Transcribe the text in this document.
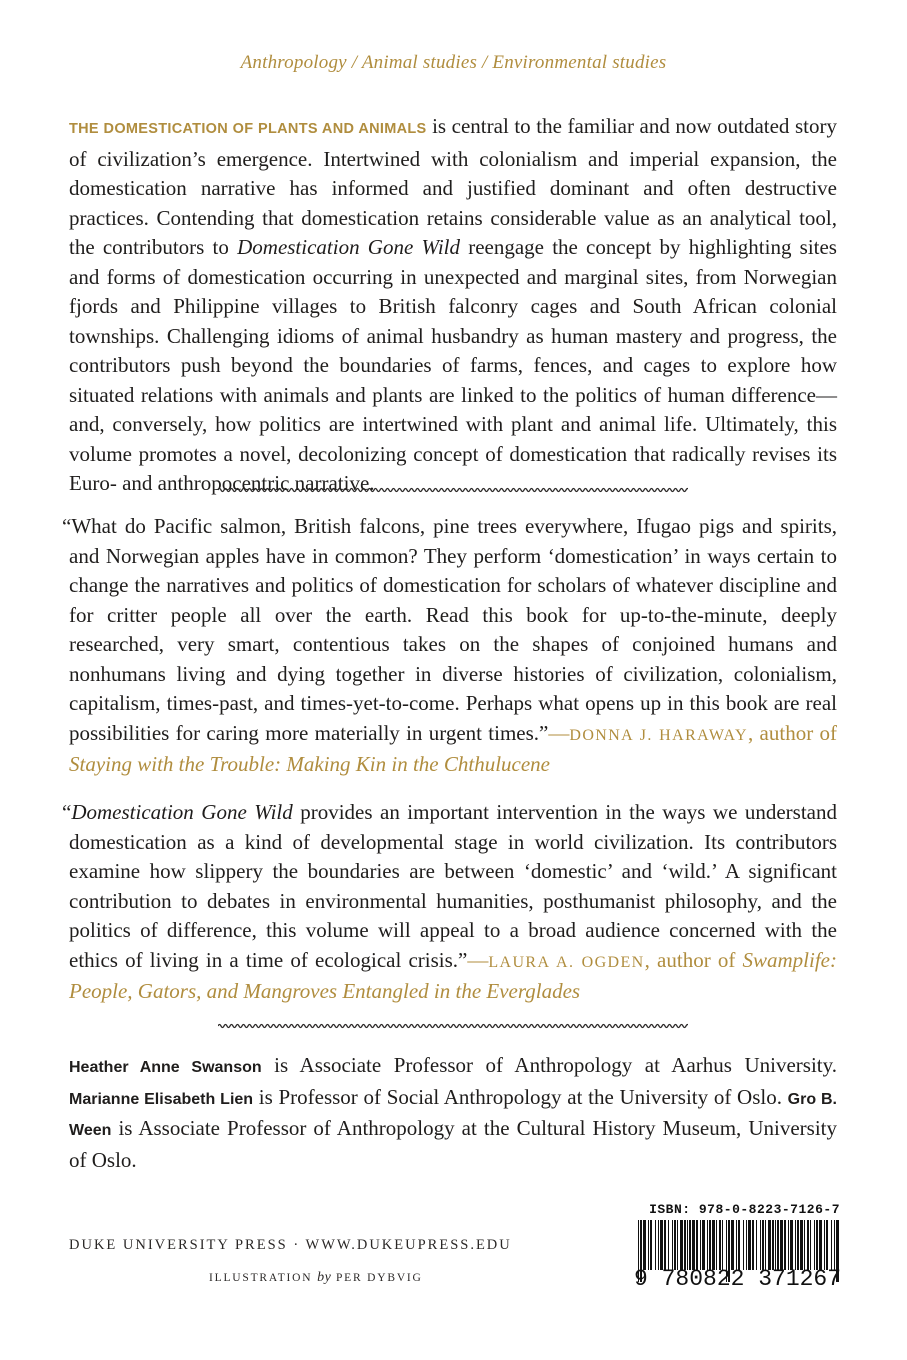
Anthropology / Animal studies / Environmental studies

THE DOMESTICATION OF PLANTS AND ANIMALS is central to the familiar and now outdated story of civilization’s emergence. Intertwined with colonialism and imperial expansion, the domestication narrative has informed and justified dominant and often destructive practices. Contending that domestication retains considerable value as an analytical tool, the contributors to Domestication Gone Wild reengage the concept by highlighting sites and forms of domestication occurring in unexpected and marginal sites, from Norwegian fjords and Philippine villages to British falconry cages and South African colonial townships. Challenging idioms of animal husbandry as human mastery and progress, the contributors push beyond the boundaries of farms, fences, and cages to explore how situated relations with animals and plants are linked to the politics of human difference—and, conversely, how politics are intertwined with plant and animal life. Ultimately, this volume promotes a novel, decolonizing concept of domestication that radically revises its Euro- and anthropocentric narrative.

“What do Pacific salmon, British falcons, pine trees everywhere, Ifugao pigs and spirits, and Norwegian apples have in common? They perform ‘domestication’ in ways certain to change the narratives and politics of domestication for scholars of whatever discipline and for critter people all over the earth. Read this book for up-to-the-minute, deeply researched, very smart, contentious takes on the shapes of conjoined humans and nonhumans living and dying together in diverse histories of civilization, colonialism, capitalism, times-past, and times-yet-to-come. Perhaps what opens up in this book are real possibilities for caring more materially in urgent times.”—DONNA J. HARAWAY, author of Staying with the Trouble: Making Kin in the Chthulucene

“Domestication Gone Wild provides an important intervention in the ways we understand domestication as a kind of developmental stage in world civilization. Its contributors examine how slippery the boundaries are between ‘domestic’ and ‘wild.’ A significant contribution to debates in environmental humanities, posthumanist philosophy, and the politics of difference, this volume will appeal to a broad audience concerned with the ethics of living in a time of ecological crisis.”—LAURA A. OGDEN, author of Swamplife: People, Gators, and Mangroves Entangled in the Everglades

Heather Anne Swanson is Associate Professor of Anthropology at Aarhus University. Marianne Elisabeth Lien is Professor of Social Anthropology at the University of Oslo. Gro B. Ween is Associate Professor of Anthropology at the Cultural History Museum, University of Oslo.

DUKE UNIVERSITY PRESS · WWW.DUKEUPRESS.EDU
ILLUSTRATION by PER DYBVIG
ISBN: 978-0-8223-7126-7
9 780822 371267
